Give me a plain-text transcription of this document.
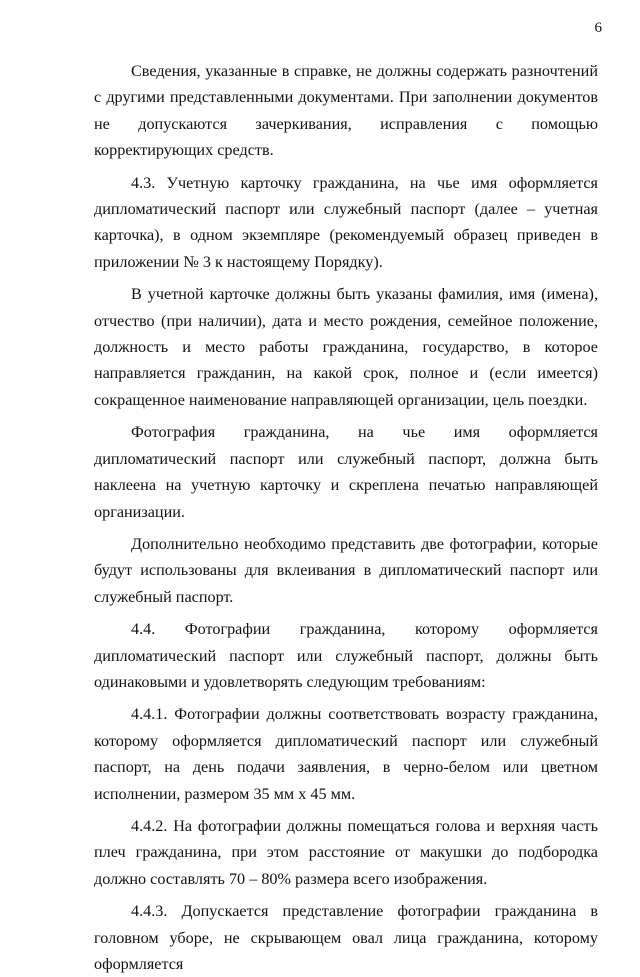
6

Сведения, указанные в справке, не должны содержать разночтений с другими представленными документами. При заполнении документов не допускаются зачеркивания, исправления с помощью корректирующих средств.

4.3. Учетную карточку гражданина, на чье имя оформляется дипломатический паспорт или служебный паспорт (далее – учетная карточка), в одном экземпляре (рекомендуемый образец приведен в приложении № 3 к настоящему Порядку).

В учетной карточке должны быть указаны фамилия, имя (имена), отчество (при наличии), дата и место рождения, семейное положение, должность и место работы гражданина, государство, в которое направляется гражданин, на какой срок, полное и (если имеется) сокращенное наименование направляющей организации, цель поездки.

Фотография гражданина, на чье имя оформляется дипломатический паспорт или служебный паспорт, должна быть наклеена на учетную карточку и скреплена печатью направляющей организации.

Дополнительно необходимо представить две фотографии, которые будут использованы для вклеивания в дипломатический паспорт или служебный паспорт.

4.4. Фотографии гражданина, которому оформляется дипломатический паспорт или служебный паспорт, должны быть одинаковыми и удовлетворять следующим требованиям:

4.4.1. Фотографии должны соответствовать возрасту гражданина, которому оформляется дипломатический паспорт или служебный паспорт, на день подачи заявления, в черно-белом или цветном исполнении, размером 35 мм x 45 мм.

4.4.2. На фотографии должны помещаться голова и верхняя часть плеч гражданина, при этом расстояние от макушки до подбородка должно составлять 70 – 80% размера всего изображения.

4.4.3. Допускается представление фотографии гражданина в головном уборе, не скрывающем овал лица гражданина, которому оформляется
